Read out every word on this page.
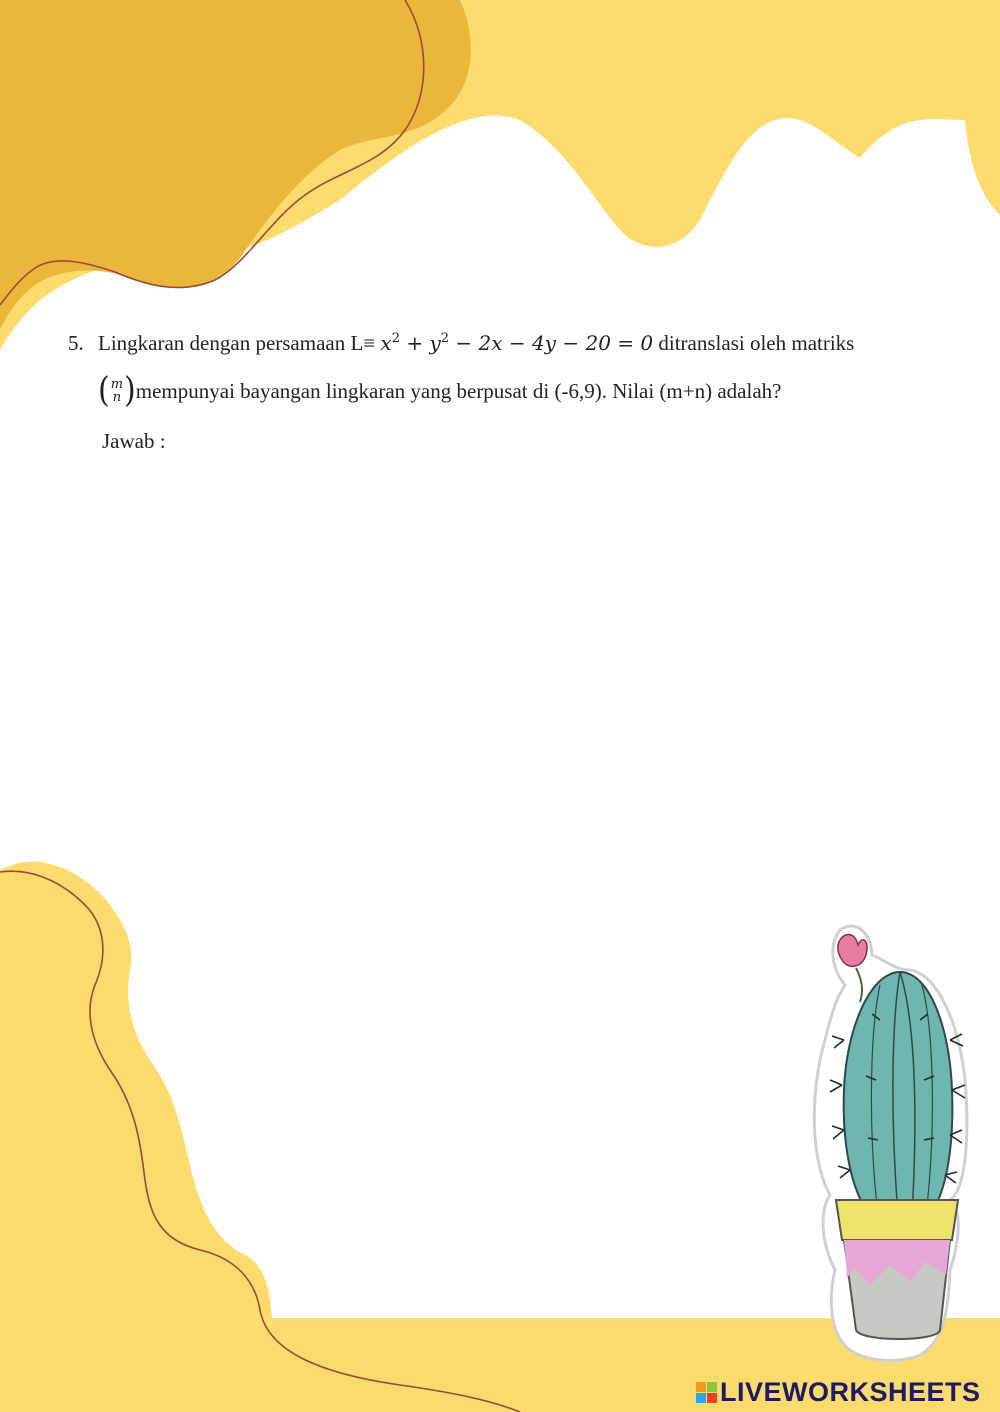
5. Lingkaran dengan persamaan $L\equiv x^2 + y^2 - 2x - 4y - 20 = 0$ ditranslasi oleh matriks
( m
n ) mempunyai bayangan lingkaran yang berpusat di (-6,9). Nilai (m+n) adalah?
Jawab :
LIVEWORKSHEETS
